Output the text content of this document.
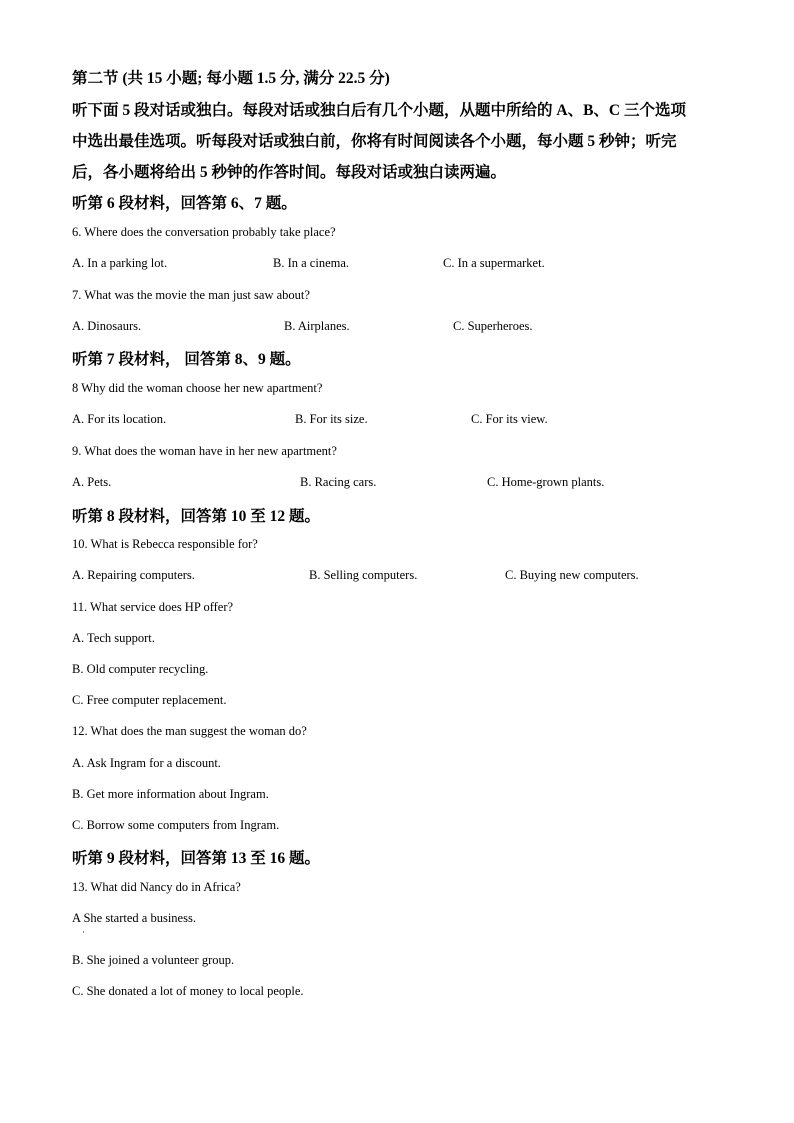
第二节 (共 15 小题; 每小题 1.5 分, 满分 22.5 分)
听下面 5 段对话或独白。每段对话或独白后有几个小题，从题中所给的 A、B、C 三个选项
中选出最佳选项。听每段对话或独白前，你将有时间阅读各个小题，每小题 5 秒钟；听完
后，各小题将给出 5 秒钟的作答时间。每段对话或独白读两遍。
听第 6 段材料，回答第 6、7 题。
6. Where does the conversation probably take place?
A. In a parking lot.	B. In a cinema.	C. In a supermarket.
7. What was the movie the man just saw about?
A. Dinosaurs.	B. Airplanes.	C. Superheroes.
听第 7 段材料， 回答第 8、9 题。
8 Why did the woman choose her new apartment?
A. For its location.	B. For its size.	C. For its view.
9. What does the woman have in her new apartment?
A. Pets.	B. Racing cars.	C. Home-grown plants.
听第 8 段材料，回答第 10 至 12 题。
10. What is Rebecca responsible for?
A. Repairing computers.	B. Selling computers.	C. Buying new computers.
11. What service does HP offer?
A. Tech support.
B. Old computer recycling.
C. Free computer replacement.
12. What does the man suggest the woman do?
A. Ask Ingram for a discount.
B. Get more information about Ingram.
C. Borrow some computers from Ingram.
听第 9 段材料，回答第 13 至 16 题。
13. What did Nancy do in Africa?
A She started a business.
·
B. She joined a volunteer group.
C. She donated a lot of money to local people.
